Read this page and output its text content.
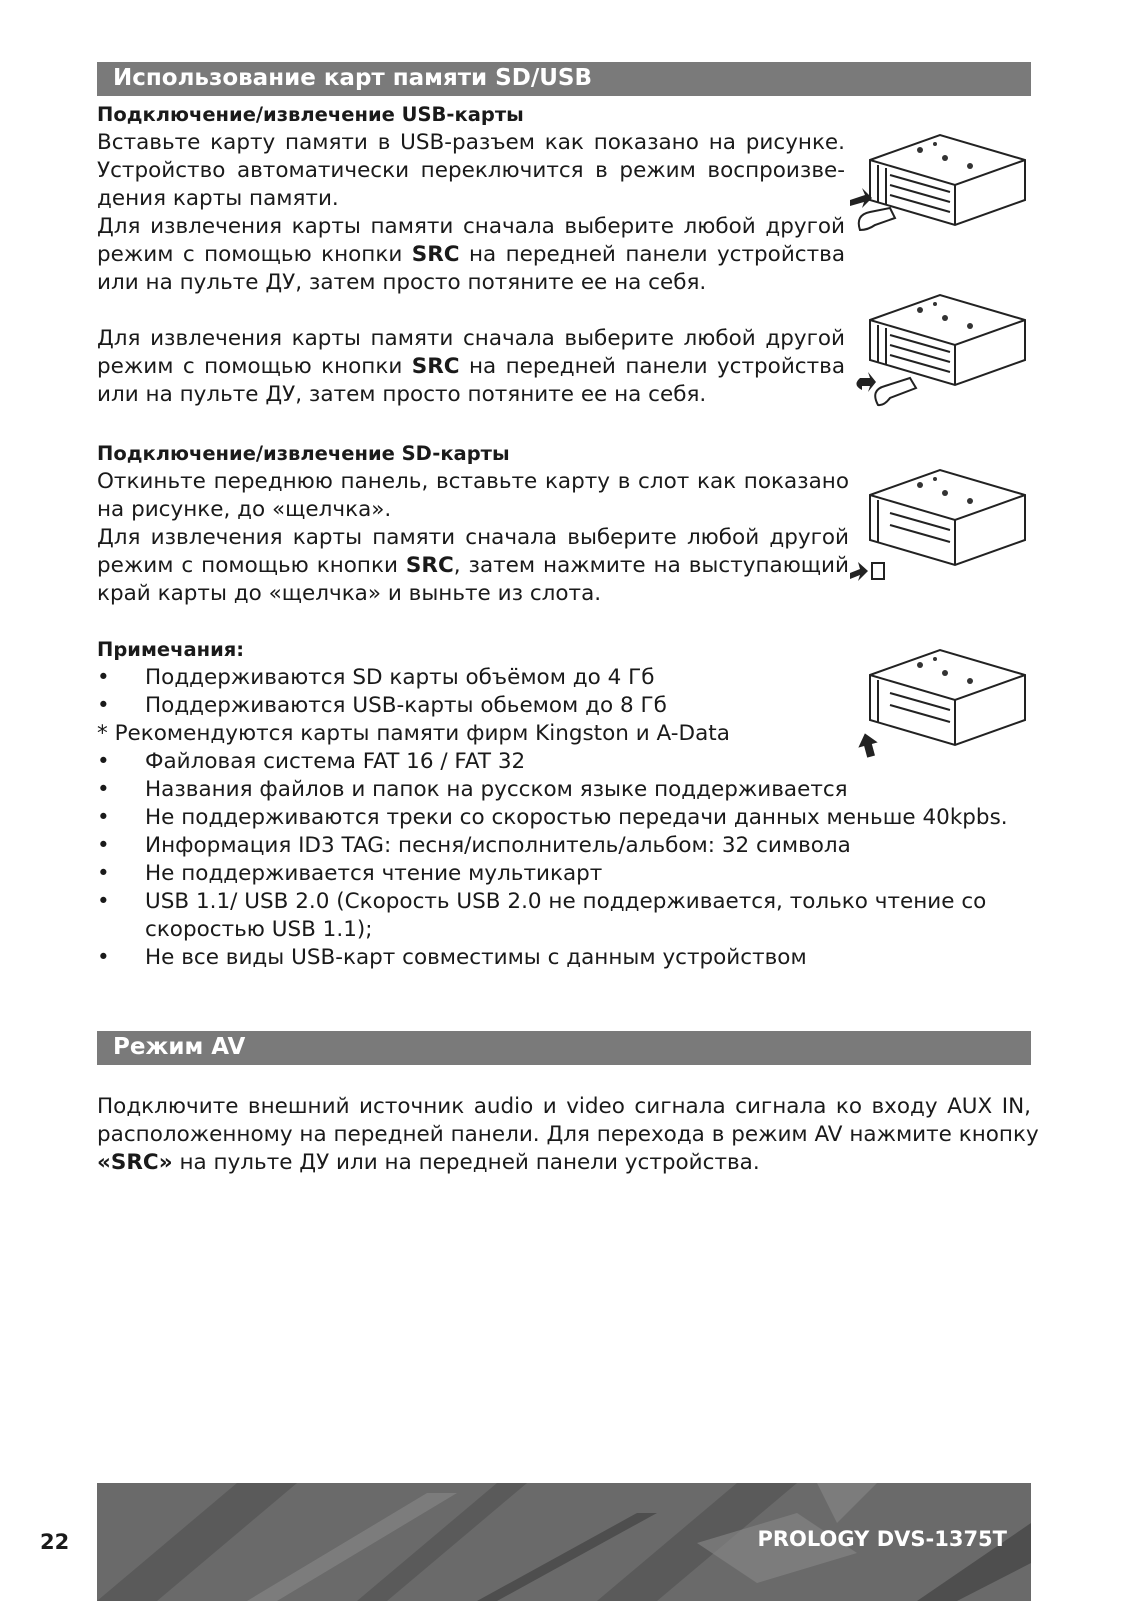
Использование карт памяти SD/USB
Подключение/извлечение USB-карты
Вставьте карту памяти в USB-разъем как показано на рисунке.
Устройство автоматически переключится в режим воспроизве-
дения карты памяти.
Для извлечения карты памяти сначала выберите любой другой
режим с помощью кнопки SRC на передней панели устройства
или на пульте ДУ, затем просто потяните ее на себя.
Для извлечения карты памяти сначала выберите любой другой
режим с помощью кнопки SRC на передней панели устройства
или на пульте ДУ, затем просто потяните ее на себя.
Подключение/извлечение SD-карты
Откиньте переднюю панель, вставьте карту в слот как показано
на рисунке, до «щелчка».
Для извлечения карты памяти сначала выберите любой другой
режим с помощью кнопки SRC, затем нажмите на выступающий
край карты до «щелчка» и выньте из слота.
Примечания:
• Поддерживаются SD карты объёмом до 4 Гб
• Поддерживаются USB-карты обьемом до 8 Гб
* Рекомендуются карты памяти фирм Kingston и A-Data
• Файловая система FAT 16 / FAT 32
• Названия файлов и папок на русском языке поддерживается
• Не поддерживаются треки со скоростью передачи данных меньше 40kpbs.
• Информация ID3 TAG: песня/исполнитель/альбом: 32 символа
• Не поддерживается чтение мультикарт
• USB 1.1/ USB 2.0 (Скорость USB 2.0 не поддерживается, только чтение со
скоростью USB 1.1);
• Не все виды USB-карт совместимы с данным устройством
Режим AV
Подключите внешний источник audio и video сигнала сигнала ко входу AUX IN,
расположенному на передней панели. Для перехода в режим AV нажмите кнопку
«SRC» на пульте ДУ или на передней панели устройства.
22	PROLOGY DVS-1375T
